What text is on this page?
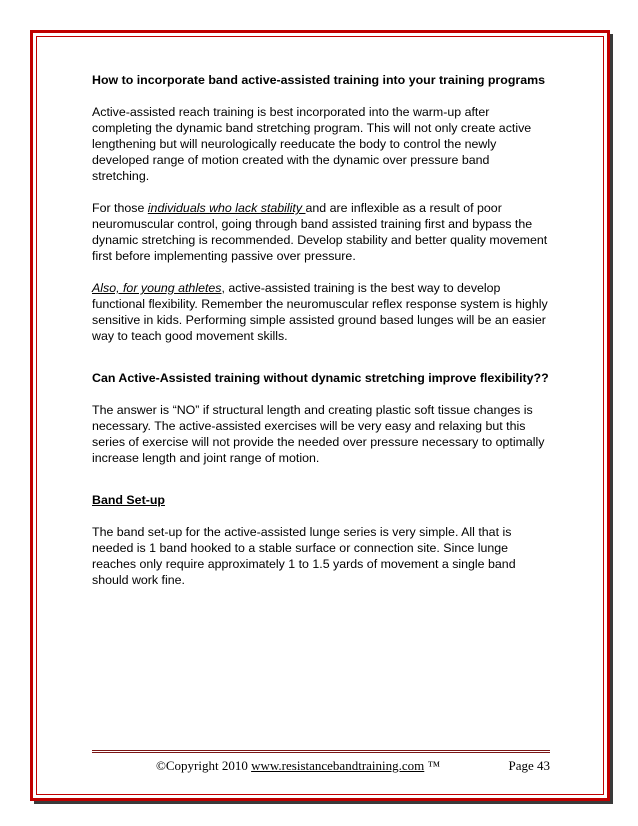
How to incorporate band active-assisted training into your training programs

Active-assisted reach training is best incorporated into the warm-up after completing the dynamic band stretching program. This will not only create active lengthening but will neurologically reeducate the body to control the newly developed range of motion created with the dynamic over pressure band stretching.

For those individuals who lack stability and are inflexible as a result of poor neuromuscular control, going through band assisted training first and bypass the dynamic stretching is recommended. Develop stability and better quality movement first before implementing passive over pressure.

Also, for young athletes, active-assisted training is the best way to develop functional flexibility. Remember the neuromuscular reflex response system is highly sensitive in kids. Performing simple assisted ground based lunges will be an easier way to teach good movement skills.

Can Active-Assisted training without dynamic stretching improve flexibility??

The answer is “NO” if structural length and creating plastic soft tissue changes is necessary. The active-assisted exercises will be very easy and relaxing but this series of exercise will not provide the needed over pressure necessary to optimally increase length and joint range of motion.

Band Set-up

The band set-up for the active-assisted lunge series is very simple. All that is needed is 1 band hooked to a stable surface or connection site. Since lunge reaches only require approximately 1 to 1.5 yards of movement a single band should work fine.

©Copyright 2010 www.resistancebandtraining.com ™	Page 43
